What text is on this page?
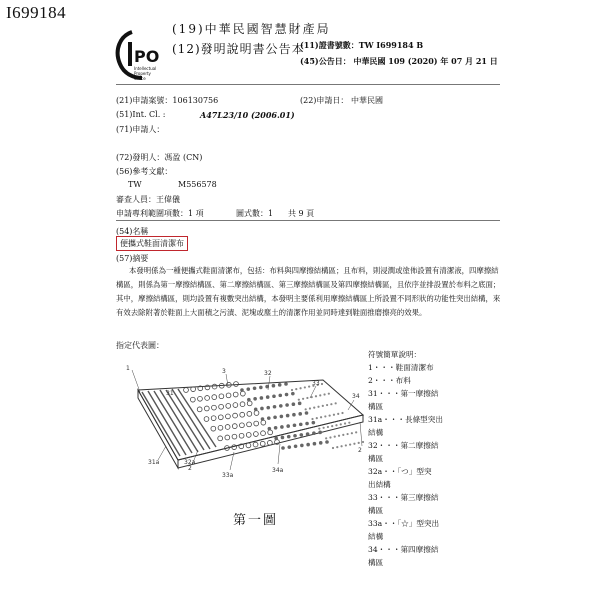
I699184
PO
Intellectual
Property
Office
(19)中華民國智慧財產局
(12)發明說明書公告本
(11)證書號數：TW I699184 B
(45)公告日： 中華民國 109 (2020) 年 07 月 21 日
(21)申請案號：106130756	(22)申請日： 中華民國
(51)Int. Cl. :	A47L23/10 (2006.01)
(71)申請人：
(72)發明人：馮盈 (CN)
(56)參考文獻：
TW	M556578
審查人員：王偉儀
申請專利範圍項數：1 項	圖式數：1 共 9 頁
(54)名稱
便攜式鞋面清潔布
(57)摘要
本發明係為一種便攜式鞋面清潔布，包括：布料與四摩擦結構區；且布料，則浸潤或塗佈設置有清潔液，四摩擦結構區，則係為第一摩擦結構區、第二摩擦結構區、第三摩擦結構區及第四摩擦結構區，且依序並排設置於布料之底面；其中，摩擦結構區，則均設置有複數突出結構，本發明主要係利用摩擦結構區上所設置不同形狀的功能性突出結構，來有效去除附著於鞋面上大面積之污漬、泥塊或塵土的清潔作用並同時達到鞋面推磨擦亮的效果。
指定代表圖：
1	3	32
33
34
31
2
31a	32a
33a
34a
2
第一圖
符號簡單說明：
1・・・鞋面清潔布
2・・・布料
31・・・第一摩擦結
構區
31a・・・長條型突出
結構
32・・・第二摩擦結
構區
32a・・「つ」型突
出結構
33・・・第三摩擦結
構區
33a・・「☆」型突出
結構
34・・・第四摩擦結
構區
